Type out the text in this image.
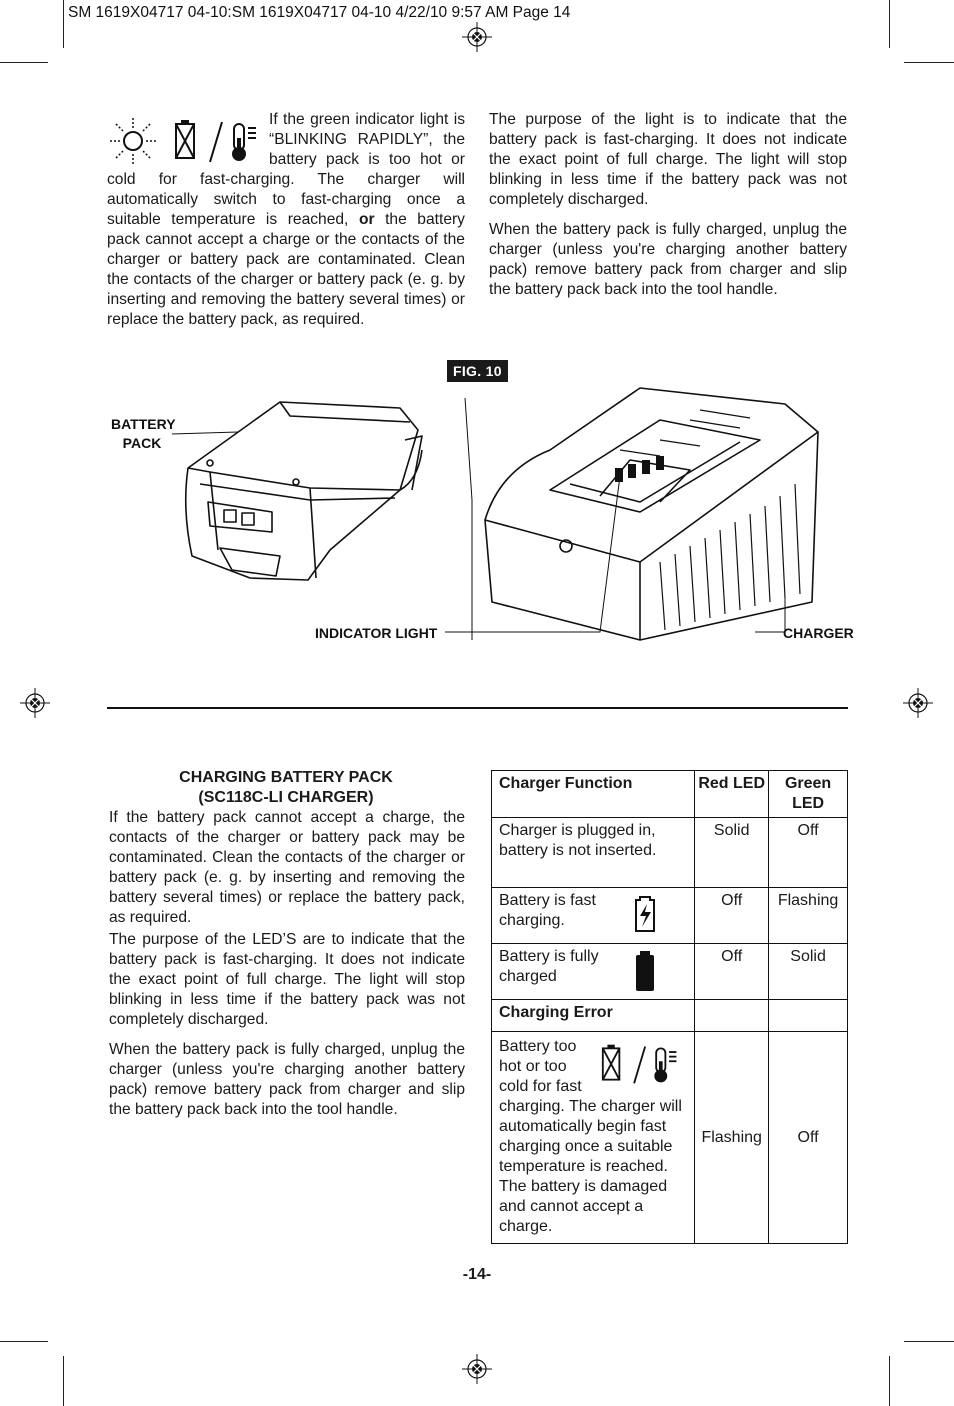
SM 1619X04717 04-10:SM 1619X04717 04-10 4/22/10 9:57 AM Page 14
If the green indicator light is “BLINKING RAPIDLY”, the battery pack is too hot or cold for fast-charging. The charger will automatically switch to fast-charging once a suitable temperature is reached, or the battery pack cannot accept a charge or the contacts of the charger or battery pack are contaminated. Clean the contacts of the charger or battery pack (e. g. by inserting and removing the battery several times) or replace the battery pack, as required.

The purpose of the light is to indicate that the battery pack is fast-charging. It does not indicate the exact point of full charge. The light will stop blinking in less time if the battery pack was not completely discharged.

When the battery pack is fully charged, unplug the charger (unless you're charging another battery pack) remove battery pack from charger and slip the battery pack back into the tool handle.

FIG. 10
BATTERY
PACK
INDICATOR LIGHT	CHARGER
CHARGING BATTERY PACK
(SC118C-LI CHARGER)

If the battery pack cannot accept a charge, the contacts of the charger or battery pack may be contaminated. Clean the contacts of the charger or battery pack (e. g. by inserting and removing the battery several times) or replace the battery pack, as required.

The purpose of the LED’S are to indicate that the battery pack is fast-charging. It does not indicate the exact point of full charge. The light will stop blinking in less time if the battery pack was not completely discharged.

When the battery pack is fully charged, unplug the charger (unless you're charging another battery pack) remove battery pack from charger and slip the battery pack back into the tool handle.

Charger Function	Red LED	Green LED
Charger is plugged in, battery is not inserted.	Solid	Off

Battery is fast charging.	Off	Flashing

Battery is fully charged	Off	Solid
Charging Error		

Battery too hot or too cold for fast charging. The charger will automatically begin fast charging once a suitable temperature is reached. The battery is damaged and cannot accept a charge.	Flashing	Off
-14-
